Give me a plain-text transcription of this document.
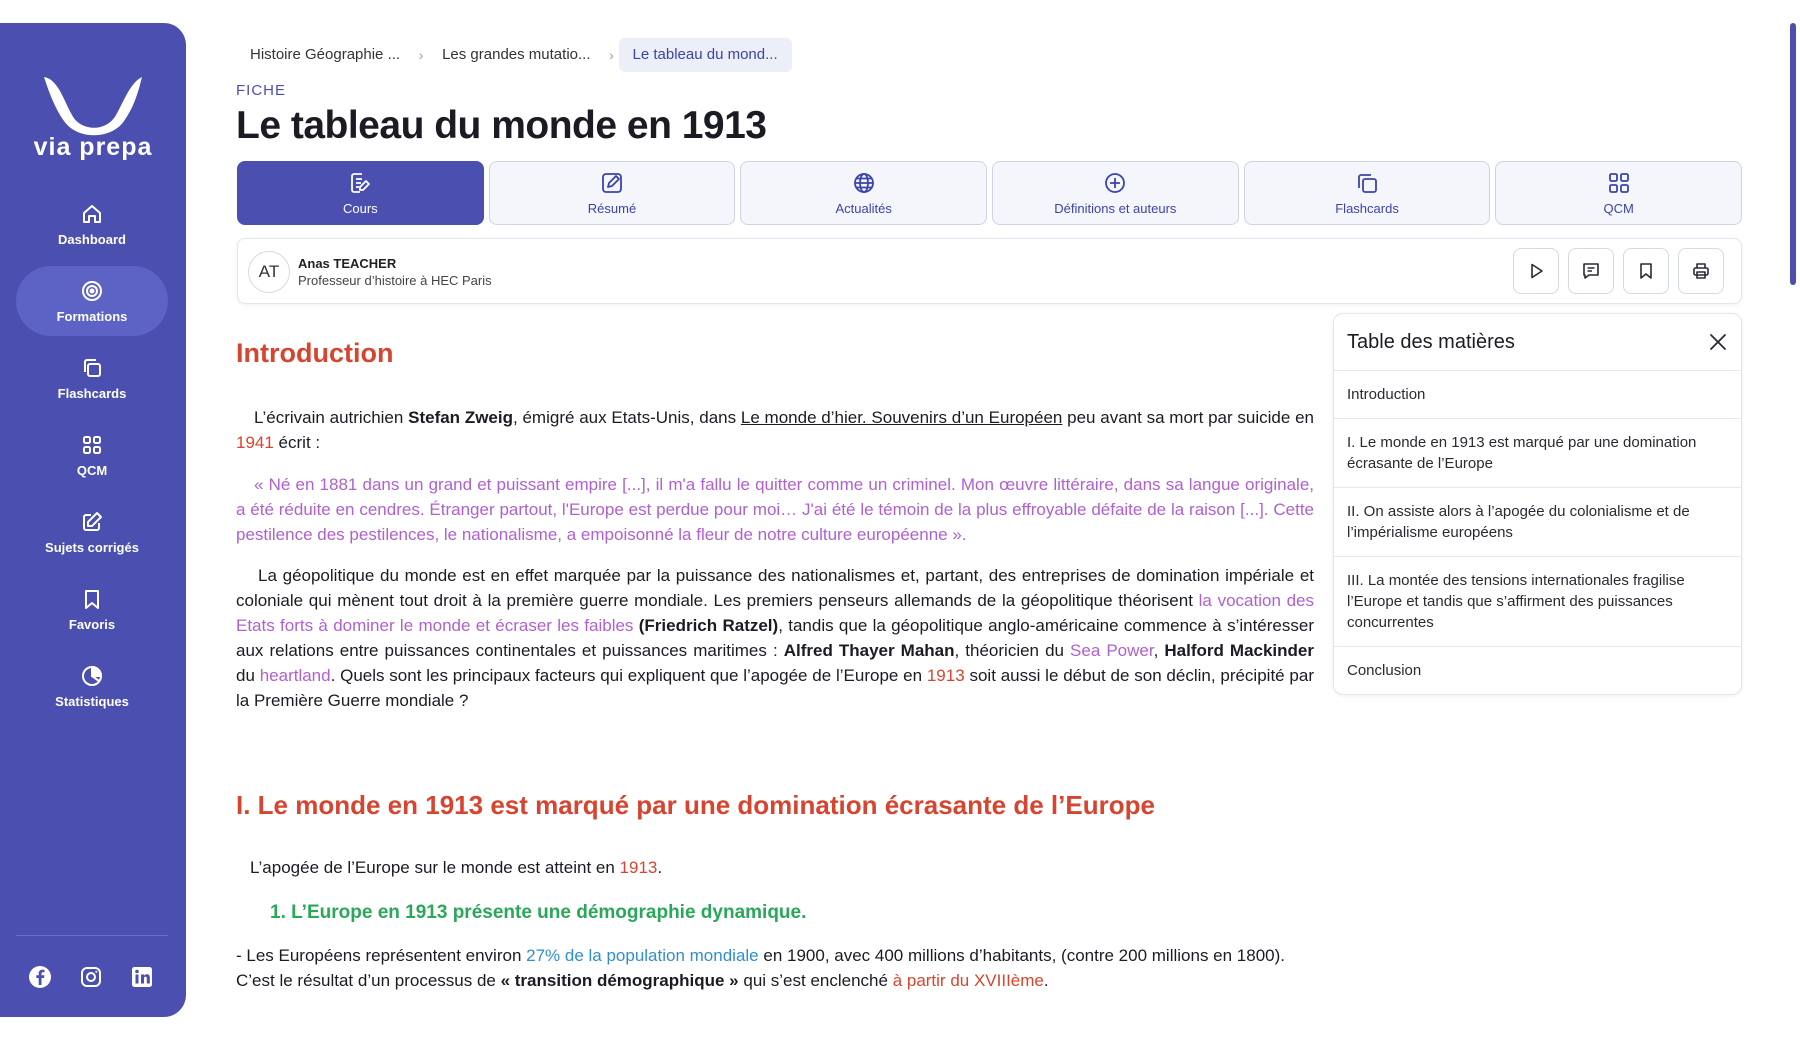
via prepa
Dashboard
Formations
Flashcards
QCM
Sujets corrigés
Favoris
Statistiques
Histoire Géographie ...	›	Les grandes mutatio...	›	Le tableau du mond...
FICHE
Le tableau du monde en 1913
Cours	Résumé	Actualités	Définitions et auteurs	Flashcards	QCM
AT	Anas TEACHER
Professeur d’histoire à HEC Paris
Introduction
L’écrivain autrichien Stefan Zweig, émigré aux Etats-Unis, dans Le monde d’hier. Souvenirs d’un Européen peu avant sa mort par suicide en 1941 écrit :
« Né en 1881 dans un grand et puissant empire [...], il m'a fallu le quitter comme un criminel. Mon œuvre littéraire, dans sa langue originale, a été réduite en cendres. Étranger partout, l'Europe est perdue pour moi… J'ai été le témoin de la plus effroyable défaite de la raison [...]. Cette pestilence des pestilences, le nationalisme, a empoisonné la fleur de notre culture européenne ».
La géopolitique du monde est en effet marquée par la puissance des nationalismes et, partant, des entreprises de domination impériale et coloniale qui mènent tout droit à la première guerre mondiale. Les premiers penseurs allemands de la géopolitique théorisent la vocation des Etats forts à dominer le monde et écraser les faibles (Friedrich Ratzel), tandis que la géopolitique anglo-américaine commence à s’intéresser aux relations entre puissances continentales et puissances maritimes : Alfred Thayer Mahan, théoricien du Sea Power, Halford Mackinder du heartland. Quels sont les principaux facteurs qui expliquent que l’apogée de l’Europe en 1913 soit aussi le début de son déclin, précipité par la Première Guerre mondiale ?
I. Le monde en 1913 est marqué par une domination écrasante de l’Europe
L’apogée de l’Europe sur le monde est atteint en 1913.
1. L’Europe en 1913 présente une démographie dynamique.
- Les Européens représentent environ 27% de la population mondiale en 1900, avec 400 millions d’habitants, (contre 200 millions en 1800). C’est le résultat d’un processus de « transition démographique » qui s’est enclenché à partir du XVIIIème.
Table des matières
Introduction
I. Le monde en 1913 est marqué par une domination écrasante de l’Europe
II. On assiste alors à l’apogée du colonialisme et de l’impérialisme européens
III. La montée des tensions internationales fragilise l’Europe et tandis que s’affirment des puissances concurrentes
Conclusion
